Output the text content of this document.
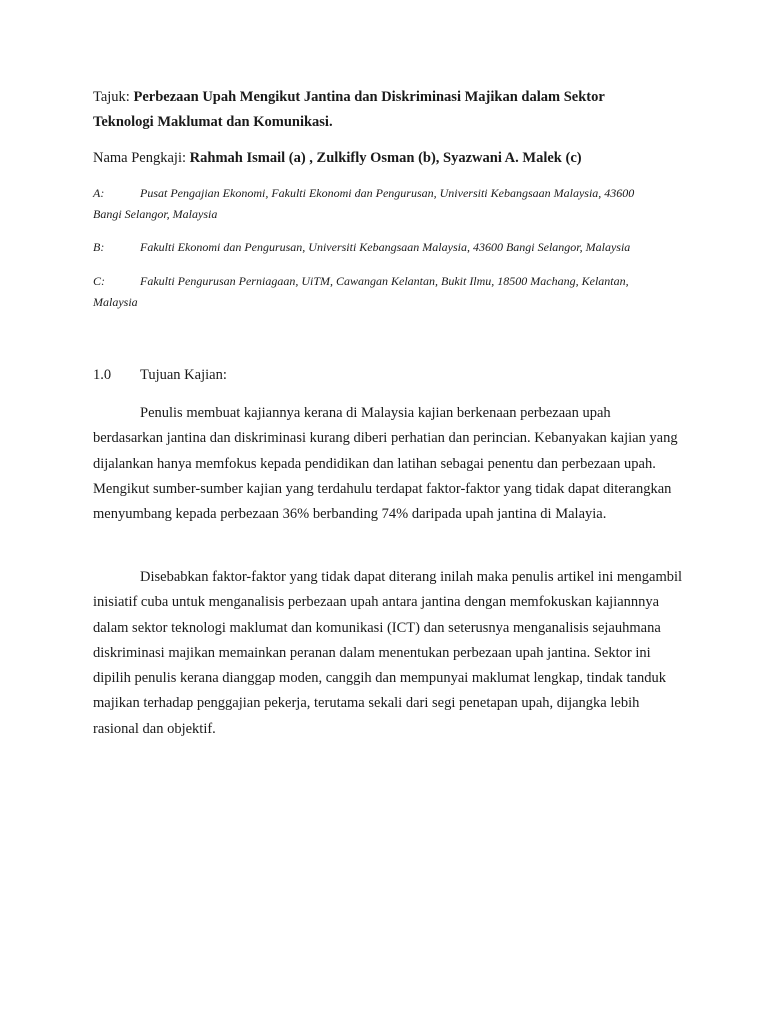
Tajuk: Perbezaan Upah Mengikut Jantina dan Diskriminasi Majikan dalam Sektor
Teknologi Maklumat dan Komunikasi.
Nama Pengkaji: Rahmah Ismail (a) , Zulkifly Osman (b), Syazwani A. Malek (c)
A:	Pusat Pengajian Ekonomi, Fakulti Ekonomi dan Pengurusan, Universiti Kebangsaan Malaysia, 43600
Bangi Selangor, Malaysia
B:	Fakulti Ekonomi dan Pengurusan, Universiti Kebangsaan Malaysia, 43600 Bangi Selangor, Malaysia
C:	Fakulti Pengurusan Perniagaan, UiTM, Cawangan Kelantan, Bukit Ilmu, 18500 Machang, Kelantan,
Malaysia
1.0 Tujuan Kajian:

Penulis membuat kajiannya kerana di Malaysia kajian berkenaan perbezaan upah berdasarkan jantina dan diskriminasi kurang diberi perhatian dan perincian. Kebanyakan kajian yang dijalankan hanya memfokus kepada pendidikan dan latihan sebagai penentu dan perbezaan upah. Mengikut sumber-sumber kajian yang terdahulu terdapat faktor-faktor yang tidak dapat diterangkan menyumbang kepada perbezaan 36% berbanding 74% daripada upah jantina di Malayia.

Disebabkan faktor-faktor yang tidak dapat diterang inilah maka penulis artikel ini mengambil inisiatif cuba untuk menganalisis perbezaan upah antara jantina dengan memfokuskan kajiannnya dalam sektor teknologi maklumat dan komunikasi (ICT) dan seterusnya menganalisis sejauhmana diskriminasi majikan memainkan peranan dalam menentukan perbezaan upah jantina. Sektor ini dipilih penulis kerana dianggap moden, canggih dan mempunyai maklumat lengkap, tindak tanduk majikan terhadap penggajian pekerja, terutama sekali dari segi penetapan upah, dijangka lebih rasional dan objektif.
